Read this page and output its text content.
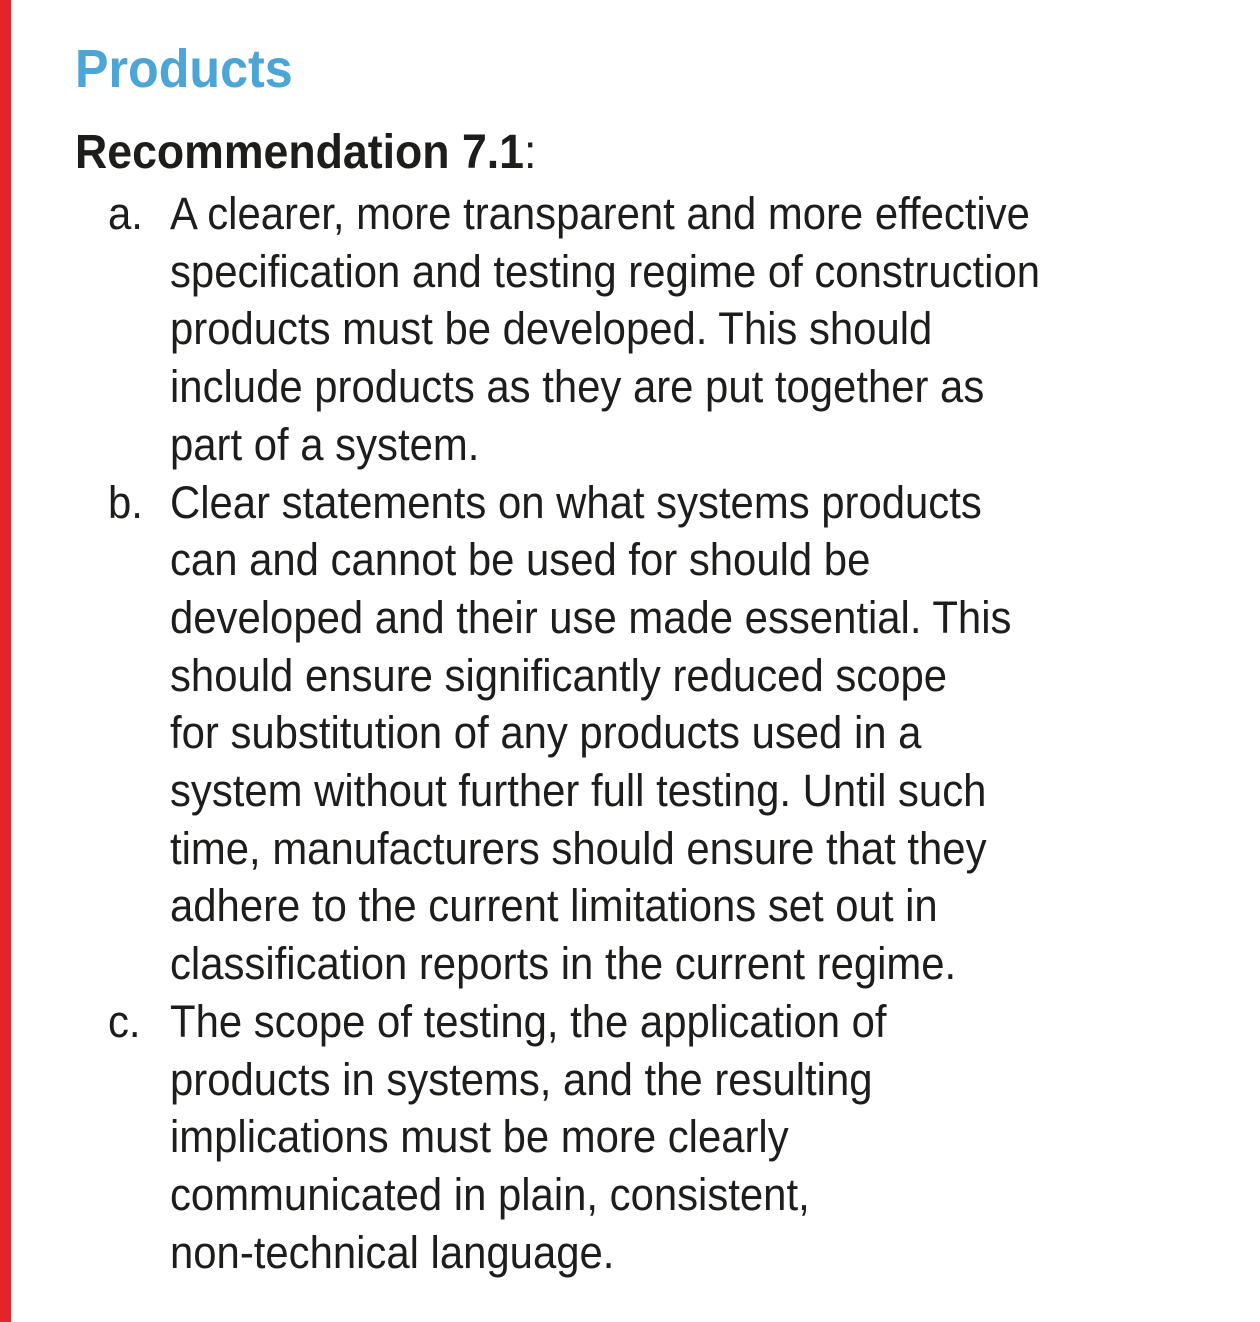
Products
Recommendation 7.1:
a. A clearer, more transparent and more effective
specification and testing regime of construction
products must be developed. This should
include products as they are put together as
part of a system.
b. Clear statements on what systems products
can and cannot be used for should be
developed and their use made essential. This
should ensure significantly reduced scope
for substitution of any products used in a
system without further full testing. Until such
time, manufacturers should ensure that they
adhere to the current limitations set out in
classification reports in the current regime.
c. The scope of testing, the application of
products in systems, and the resulting
implications must be more clearly
communicated in plain, consistent,
non-technical language.
